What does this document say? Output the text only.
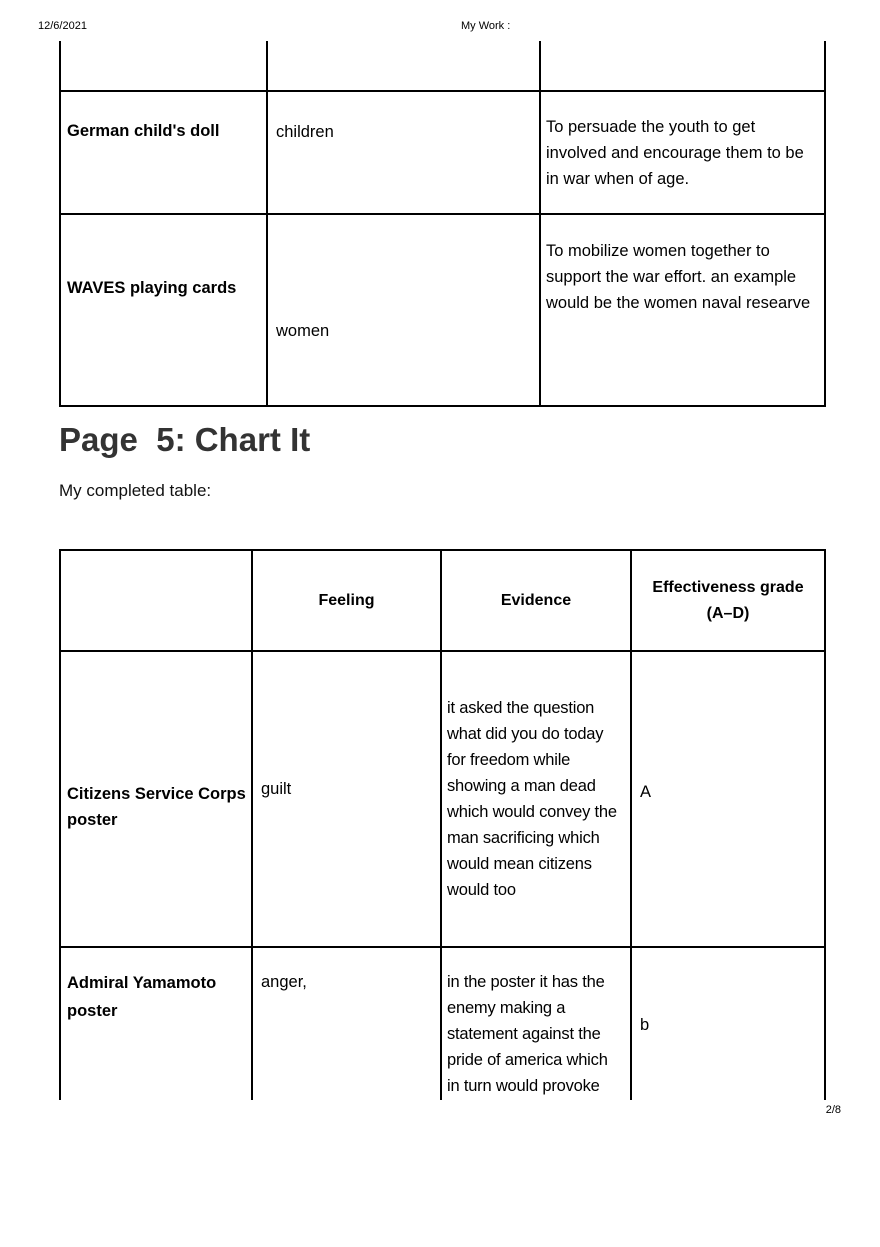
12/6/2021	My Work :

German child's doll	children	To persuade the youth to get involved and encourage them to be in war when of age.
WAVES playing cards	women	To mobilize women together to support the war effort. an example would be the women naval researve
Page  5: Chart It
My completed table:
	Feeling	Evidence	Effectiveness grade (A–D)
Citizens Service Corps poster	guilt	it asked the question what did you do today for freedom while showing a man dead which would convey the man sacrificing which would mean citizens would too	A
Admiral Yamamoto poster	anger,	in the poster it has the enemy making a statement against the pride of america which in turn would provoke	b
2/8
